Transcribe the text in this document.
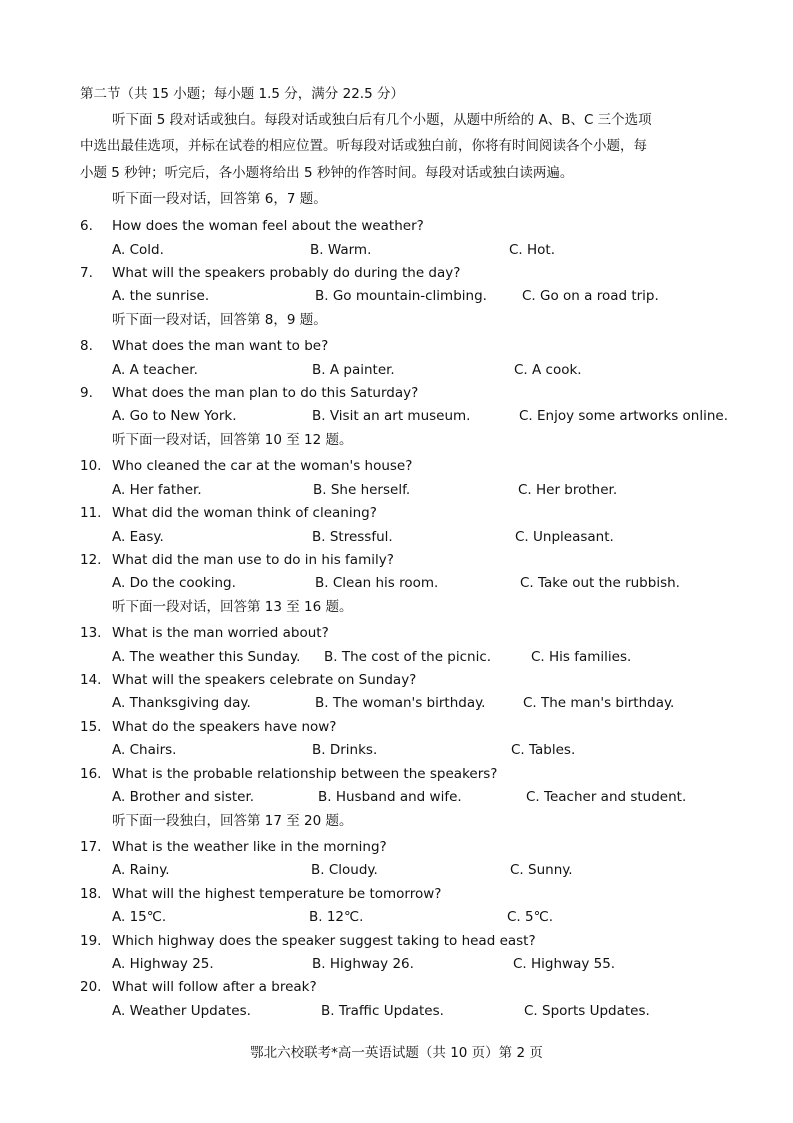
第二节（共 15 小题；每小题 1.5 分，满分 22.5 分）
听下面 5 段对话或独白。每段对话或独白后有几个小题，从题中所给的 A、B、C 三个选项
中选出最佳选项，并标在试卷的相应位置。听每段对话或独白前，你将有时间阅读各个小题，每
小题 5 秒钟；听完后，各小题将给出 5 秒钟的作答时间。每段对话或独白读两遍。
听下面一段对话，回答第 6，7 题。
6.	How does the woman feel about the weather?
A. Cold.	B. Warm.	C. Hot.
7.	What will the speakers probably do during the day?
A. the sunrise.	B. Go mountain-climbing.	C. Go on a road trip.
听下面一段对话，回答第 8，9 题。
8.	What does the man want to be?
A. A teacher.	B. A painter.	C. A cook.
9.	What does the man plan to do this Saturday?
A. Go to New York.	B. Visit an art museum.	C. Enjoy some artworks online.
听下面一段对话，回答第 10 至 12 题。
10. Who cleaned the car at the woman's house?
A. Her father.	B. She herself.	C. Her brother.
11. What did the woman think of cleaning?
A. Easy.	B. Stressful.	C. Unpleasant.
12. What did the man use to do in his family?
A. Do the cooking.	B. Clean his room.	C. Take out the rubbish.
听下面一段对话，回答第 13 至 16 题。
13. What is the man worried about?
A. The weather this Sunday. B. The cost of the picnic.	C. His families.
14. What will the speakers celebrate on Sunday?
A. Thanksgiving day.	B. The woman's birthday.	C. The man's birthday.
15. What do the speakers have now?
A. Chairs.	B. Drinks.	C. Tables.
16. What is the probable relationship between the speakers?
A. Brother and sister.	B. Husband and wife.	C. Teacher and student.
听下面一段独白，回答第 17 至 20 题。
17. What is the weather like in the morning?
A. Rainy.	B. Cloudy.	C. Sunny.
18. What will the highest temperature be tomorrow?
A. 15℃.	B. 12℃.	C. 5℃.
19. Which highway does the speaker suggest taking to head east?
A. Highway 25.	B. Highway 26.	C. Highway 55.
20. What will follow after a break?
A. Weather Updates.	B. Traffic Updates.	C. Sports Updates.
鄂北六校联考*高一英语试题（共 10 页）第 2 页
